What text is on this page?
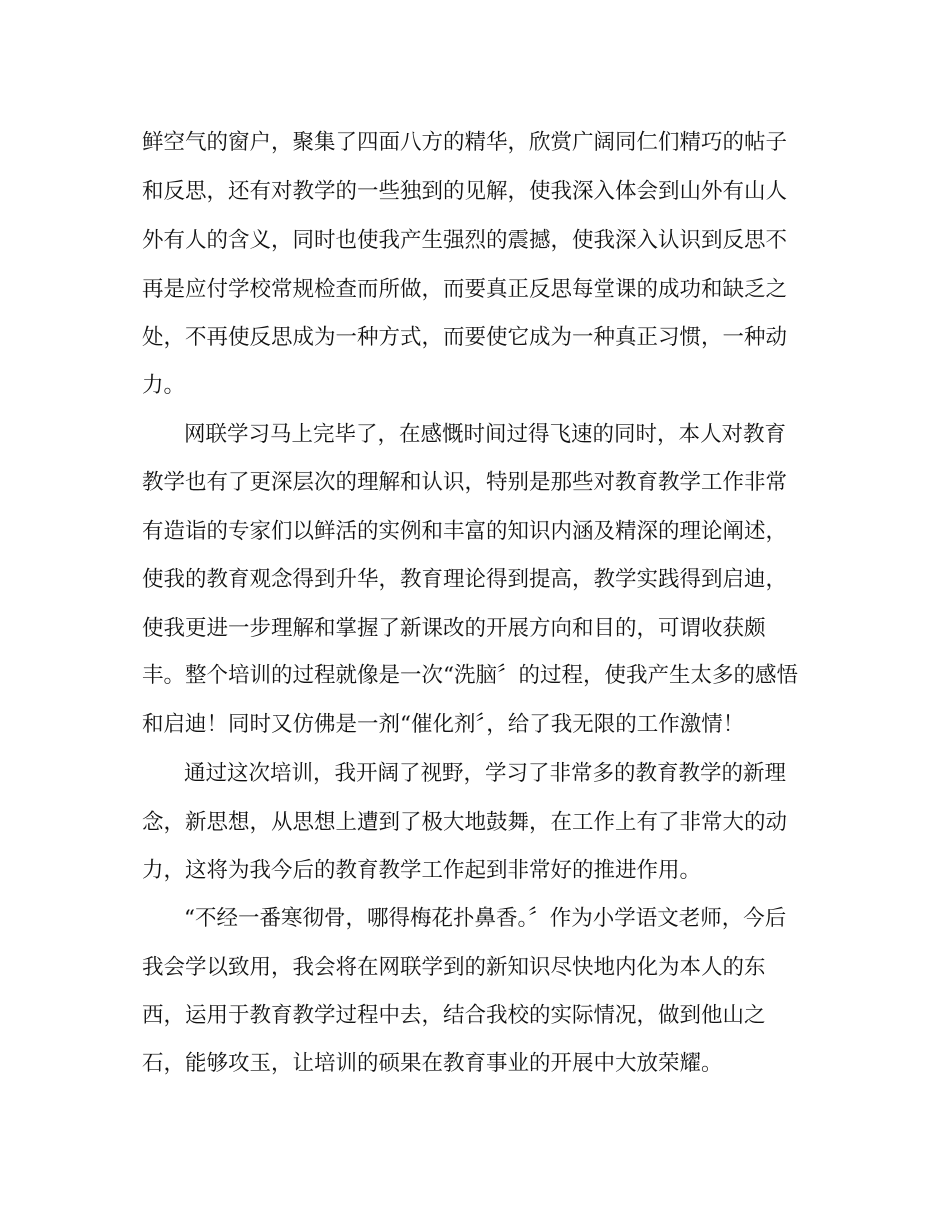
鲜空气的窗户，聚集了四面八方的精华，欣赏广阔同仁们精巧的帖子
和反思，还有对教学的一些独到的见解，使我深入体会到山外有山人
外有人的含义，同时也使我产生强烈的震撼，使我深入认识到反思不
再是应付学校常规检查而所做，而要真正反思每堂课的成功和缺乏之
处，不再使反思成为一种方式，而要使它成为一种真正习惯，一种动
力。
网联学习马上完毕了，在感慨时间过得飞速的同时，本人对教育
教学也有了更深层次的理解和认识，特别是那些对教育教学工作非常
有造诣的专家们以鲜活的实例和丰富的知识内涵及精深的理论阐述，
使我的教育观念得到升华，教育理论得到提高，教学实践得到启迪，
使我更进一步理解和掌握了新课改的开展方向和目的，可谓收获颇
丰。整个培训的过程就像是一次“洗脑〞的过程，使我产生太多的感悟
和启迪！同时又仿佛是一剂“催化剂〞，给了我无限的工作激情！
通过这次培训，我开阔了视野，学习了非常多的教育教学的新理
念，新思想，从思想上遭到了极大地鼓舞，在工作上有了非常大的动
力，这将为我今后的教育教学工作起到非常好的推进作用。
“不经一番寒彻骨，哪得梅花扑鼻香。〞作为小学语文老师，今后
我会学以致用，我会将在网联学到的新知识尽快地内化为本人的东
西，运用于教育教学过程中去，结合我校的实际情况，做到他山之
石，能够攻玉，让培训的硕果在教育事业的开展中大放荣耀。
